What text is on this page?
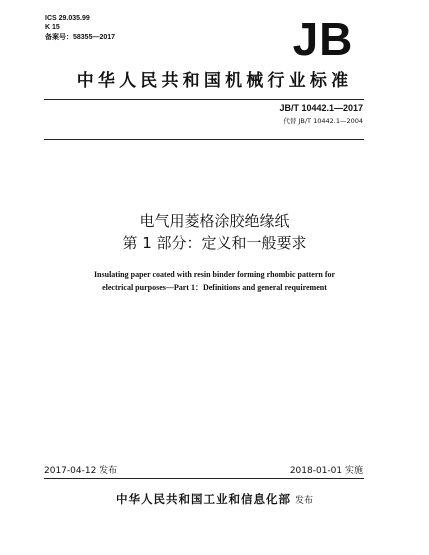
ICS 29.035.99
K 15
备案号：58355—2017	JB
中华人民共和国机械行业标准
JB/T 10442.1—2017
代替 JB/T 10442.1—2004
电气用菱格涂胶绝缘纸
第 1 部分：定义和一般要求
Insulating paper coated with resin binder forming rhombic pattern for
electrical purposes—Part 1：Definitions and general requirement
2017-04-12 发布	2018-01-01 实施
中华人民共和国工业和信息化部 发布
